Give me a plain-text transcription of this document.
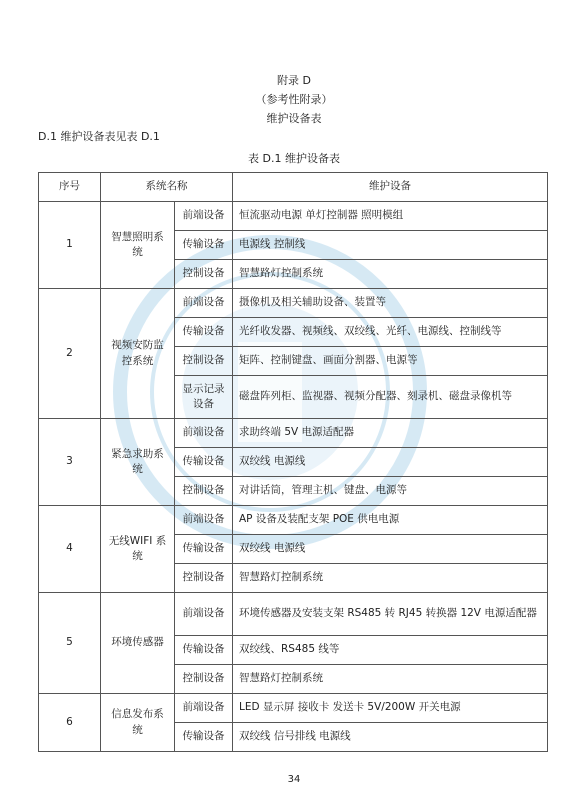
附录 D
（参考性附录）
维护设备表
D.1 维护设备表见表 D.1
表 D.1 维护设备表
序号	系统名称		维护设备
1	智慧照明系统	前端设备	恒流驱动电源 单灯控制器 照明模组
		传输设备	电源线 控制线
		控制设备	智慧路灯控制系统
2	视频安防监控系统	前端设备	摄像机及相关辅助设备、装置等
		传输设备	光纤收发器、视频线、双绞线、光纤、电源线、控制线等
		控制设备	矩阵、控制键盘、画面分割器、电源等
		显示记录设备	磁盘阵列柜、监视器、视频分配器、刻录机、磁盘录像机等
3	紧急求助系统	前端设备	求助终端 5V 电源适配器
		传输设备	双绞线 电源线
		控制设备	对讲话筒，管理主机、键盘、电源等
4	无线WIFI 系统	前端设备	AP 设备及装配支架 POE 供电电源
		传输设备	双绞线 电源线
		控制设备	智慧路灯控制系统
5	环境传感器	前端设备	环境传感器及安装支架 RS485 转 RJ45 转换器 12V 电源适配器
		传输设备	双绞线、RS485 线等
		控制设备	智慧路灯控制系统
6	信息发布系统	前端设备	LED 显示屏 接收卡 发送卡 5V/200W 开关电源
		传输设备	双绞线 信号排线 电源线
34
